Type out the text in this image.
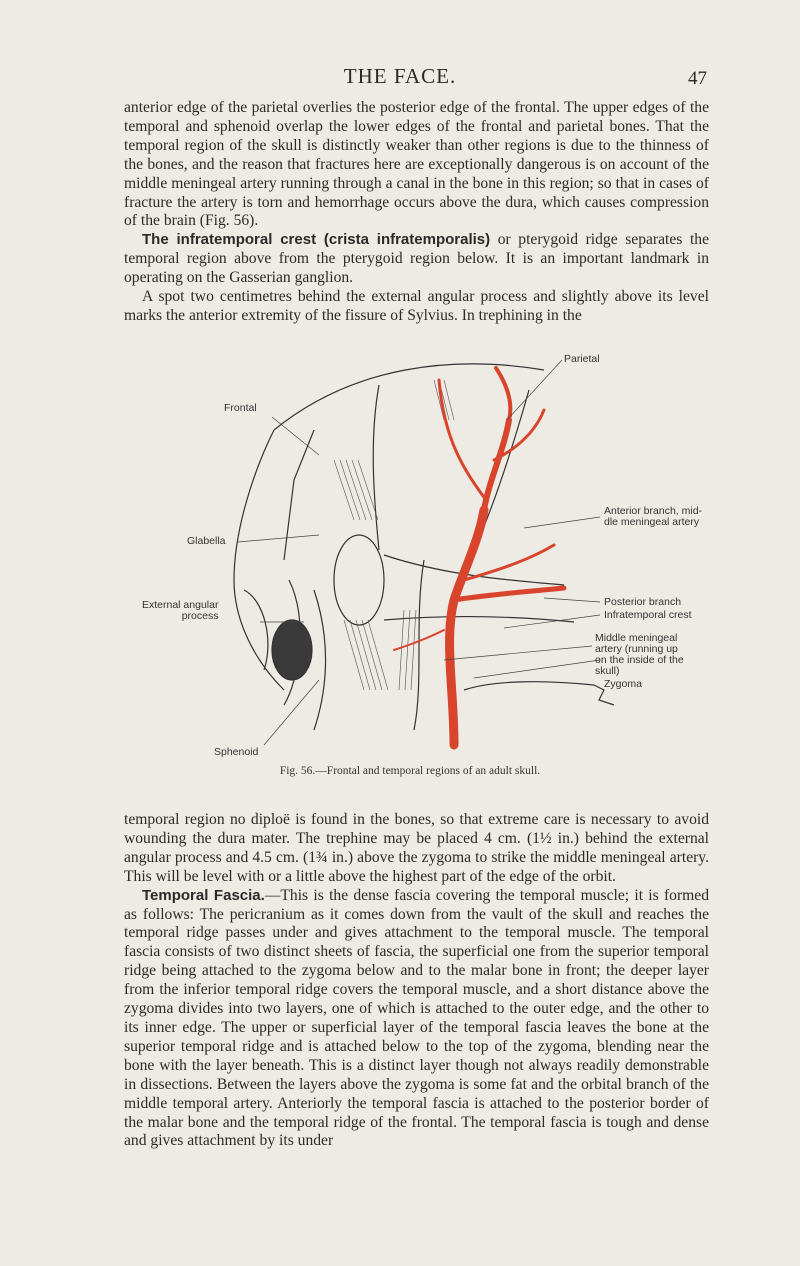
THE FACE.	47

anterior edge of the parietal overlies the posterior edge of the frontal. The upper edges of the temporal and sphenoid overlap the lower edges of the frontal and parietal bones. That the temporal region of the skull is distinctly weaker than other regions is due to the thinness of the bones, and the reason that fractures here are exceptionally dangerous is on account of the middle meningeal artery running through a canal in the bone in this region; so that in cases of fracture the artery is torn and hemorrhage occurs above the dura, which causes compression of the brain (Fig. 56).

The infratemporal crest (crista infratemporalis) or pterygoid ridge separates the temporal region above from the pterygoid region below. It is an important landmark in operating on the Gasserian ganglion.

A spot two centimetres behind the external angular process and slightly above its level marks the anterior extremity of the fissure of Sylvius. In trephining in the

Parietal
Frontal
Glabella
External angular
process
Anterior branch, mid-
dle meningeal artery
Posterior branch
Infratemporal crest
Middle meningeal
artery (running up
on the inside of the
skull)
Zygoma
Sphenoid
Fig. 56.—Frontal and temporal regions of an adult skull.

temporal region no diploë is found in the bones, so that extreme care is necessary to avoid wounding the dura mater. The trephine may be placed 4 cm. (1½ in.) behind the external angular process and 4.5 cm. (1¾ in.) above the zygoma to strike the middle meningeal artery. This will be level with or a little above the highest part of the edge of the orbit.

Temporal Fascia.—This is the dense fascia covering the temporal muscle; it is formed as follows: The pericranium as it comes down from the vault of the skull and reaches the temporal ridge passes under and gives attachment to the temporal muscle. The temporal fascia consists of two distinct sheets of fascia, the superficial one from the superior temporal ridge being attached to the zygoma below and to the malar bone in front; the deeper layer from the inferior temporal ridge covers the temporal muscle, and a short distance above the zygoma divides into two layers, one of which is attached to the outer edge, and the other to its inner edge. The upper or superficial layer of the temporal fascia leaves the bone at the superior temporal ridge and is attached below to the top of the zygoma, blending near the bone with the layer beneath. This is a distinct layer though not always readily demonstrable in dissections. Between the layers above the zygoma is some fat and the orbital branch of the middle temporal artery. Anteriorly the temporal fascia is attached to the posterior border of the malar bone and the temporal ridge of the frontal. The temporal fascia is tough and dense and gives attachment by its under
